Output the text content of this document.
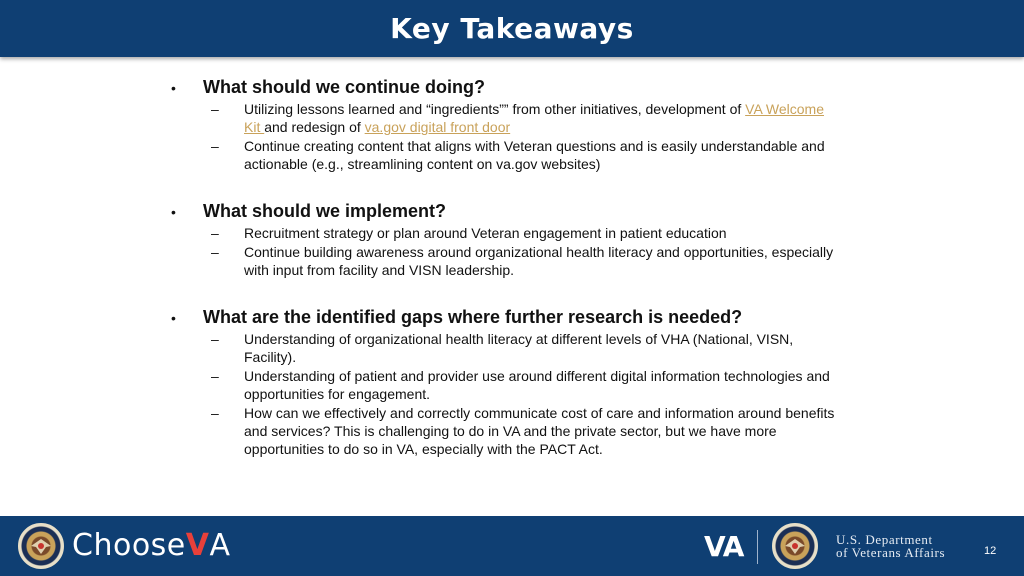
Key Takeaways
•	What should we continue doing?
–	Utilizing lessons learned and “ingredients”” from other initiatives, development of VA Welcome Kit and redesign of va.gov digital front door
–	Continue creating content that aligns with Veteran questions and is easily understandable and actionable (e.g., streamlining content on va.gov websites)
•	What should we implement?
–	Recruitment strategy or plan around Veteran engagement in patient education
–	Continue building awareness around organizational health literacy and opportunities, especially with input from facility and VISN leadership.
•	What are the identified gaps where further research is needed?
–	Understanding of organizational health literacy at different levels of VHA (National, VISN, Facility).
–	Understanding of patient and provider use around different digital information technologies and opportunities for engagement.
–	How can we effectively and correctly communicate cost of care and information around benefits and services? This is challenging to do in VA and the private sector, but we have more opportunities to do so in VA, especially with the PACT Act.
ChooseVA	VA	U.S. Department
of Veterans Affairs	12
